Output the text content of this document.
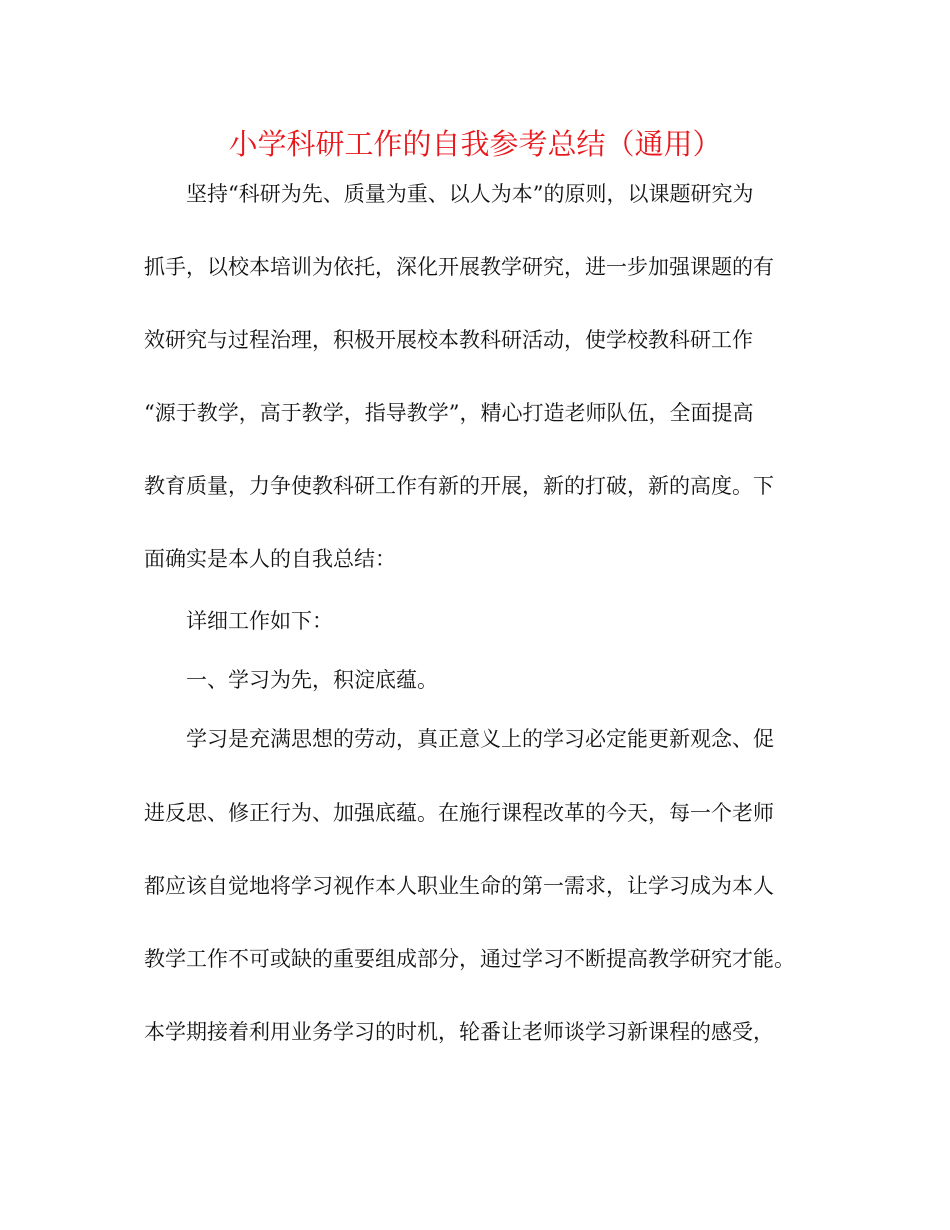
小学科研工作的自我参考总结（通用）
坚持“科研为先、质量为重、以人为本”的原则，以课题研究为
抓手，以校本培训为依托，深化开展教学研究，进一步加强课题的有
效研究与过程治理，积极开展校本教科研活动，使学校教科研工作
“源于教学，高于教学，指导教学”，精心打造老师队伍，全面提高
教育质量，力争使教科研工作有新的开展，新的打破，新的高度。下
面确实是本人的自我总结：
详细工作如下：
一、学习为先，积淀底蕴。
学习是充满思想的劳动，真正意义上的学习必定能更新观念、促
进反思、修正行为、加强底蕴。在施行课程改革的今天，每一个老师
都应该自觉地将学习视作本人职业生命的第一需求，让学习成为本人
教学工作不可或缺的重要组成部分，通过学习不断提高教学研究才能。
本学期接着利用业务学习的时机，轮番让老师谈学习新课程的感受，
